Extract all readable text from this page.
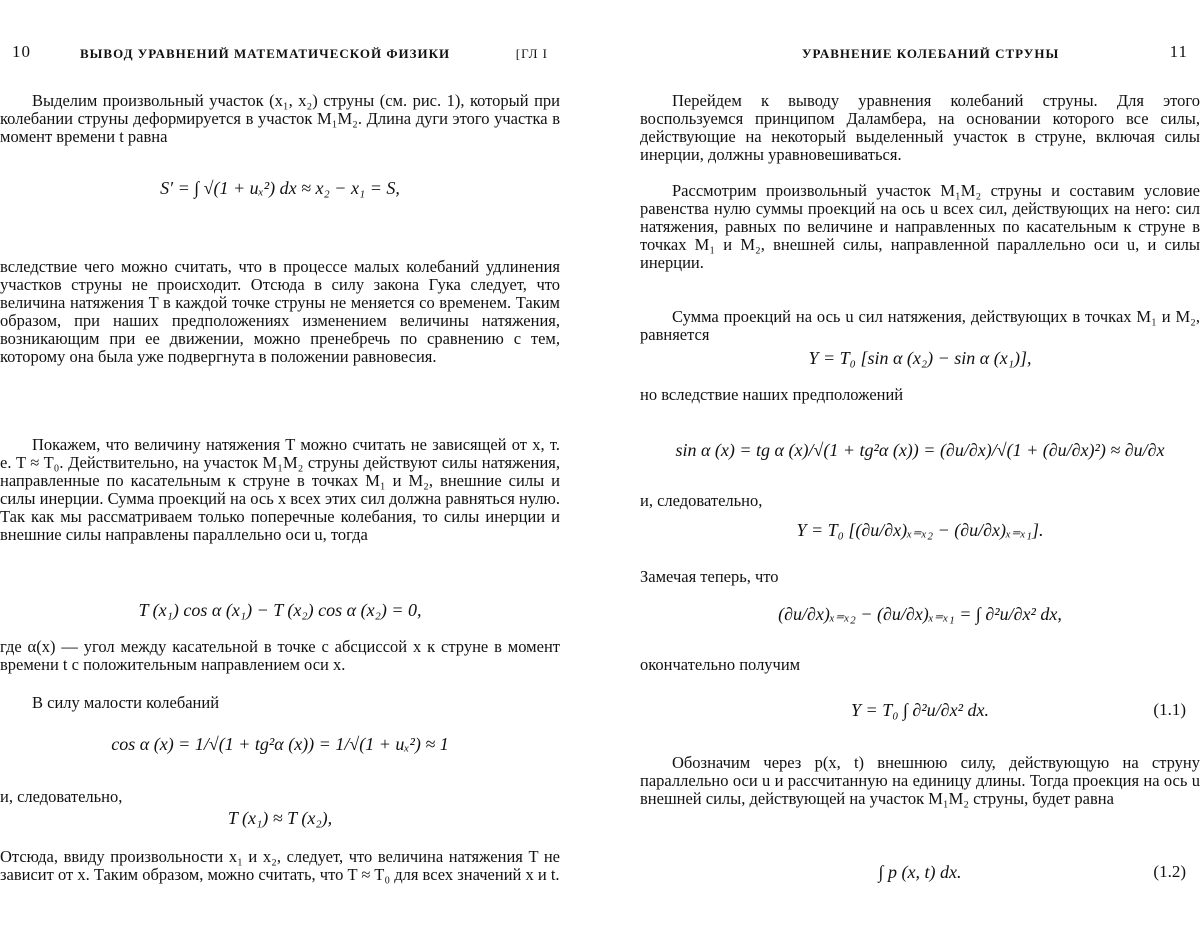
10	ВЫВОД УРАВНЕНИЙ МАТЕМАТИЧЕСКОЙ ФИЗИКИ	[ГЛ I

Выделим произвольный участок (x₁, x₂) струны (см. рис. 1), который при колебании струны деформируется в участок M₁M₂. Длина дуги этого участка в момент времени t равна

S′ = ∫ √(1 + uₓ²) dx ≈ x₂ − x₁ = S,

вследствие чего можно считать, что в процессе малых колебаний удлинения участков струны не происходит. Отсюда в силу закона Гука следует, что величина натяжения T в каждой точке струны не меняется со временем. Таким образом, при наших предположениях изменением величины натяжения, возникающим при ее движении, можно пренебречь по сравнению с тем, которому она была уже подвергнута в положении равновесия.

Покажем, что величину натяжения T можно считать не зависящей от x, т. е. T ≈ T₀. Действительно, на участок M₁M₂ струны действуют силы натяжения, направленные по касательным к струне в точках M₁ и M₂, внешние силы и силы инерции. Сумма проекций на ось x всех этих сил должна равняться нулю. Так как мы рассматриваем только поперечные колебания, то силы инерции и внешние силы направлены параллельно оси u, тогда

T (x₁) cos α (x₁) − T (x₂) cos α (x₂) = 0,

где α(x) — угол между касательной в точке с абсциссой x к струне в момент времени t с положительным направлением оси x.

В силу малости колебаний

cos α (x) = 1/√(1 + tg²α (x)) = 1/√(1 + uₓ²) ≈ 1

и, следовательно,

T (x₁) ≈ T (x₂),

Отсюда, ввиду произвольности x₁ и x₂, следует, что величина натяжения T не зависит от x. Таким образом, можно считать, что T ≈ T₀ для всех значений x и t.

УРАВНЕНИЕ КОЛЕБАНИЙ СТРУНЫ	11

Перейдем к выводу уравнения колебаний струны. Для этого воспользуемся принципом Даламбера, на основании которого все силы, действующие на некоторый выделенный участок в струне, включая силы инерции, должны уравновешиваться.

Рассмотрим произвольный участок M₁M₂ струны и составим условие равенства нулю суммы проекций на ось u всех сил, действующих на него: сил натяжения, равных по величине и направленных по касательным к струне в точках M₁ и M₂, внешней силы, направленной параллельно оси u, и силы инерции.

Сумма проекций на ось u сил натяжения, действующих в точках M₁ и M₂, равняется

Y = T₀ [sin α (x₂) − sin α (x₁)],

но вследствие наших предположений

sin α (x) = tg α (x)/√(1 + tg²α (x)) = (∂u/∂x)/√(1 + (∂u/∂x)²) ≈ ∂u/∂x

и, следовательно,

Y = T₀ [(∂u/∂x)ₓ₌ₓ₂ − (∂u/∂x)ₓ₌ₓ₁].

Замечая теперь, что

(∂u/∂x)ₓ₌ₓ₂ − (∂u/∂x)ₓ₌ₓ₁ = ∫ ∂²u/∂x² dx,

окончательно получим

Y = T₀ ∫ ∂²u/∂x² dx.	(1.1)

Обозначим через p(x, t) внешнюю силу, действующую на струну параллельно оси u и рассчитанную на единицу длины. Тогда проекция на ось u внешней силы, действующей на участок M₁M₂ струны, будет равна

∫ p (x, t) dx.	(1.2)
